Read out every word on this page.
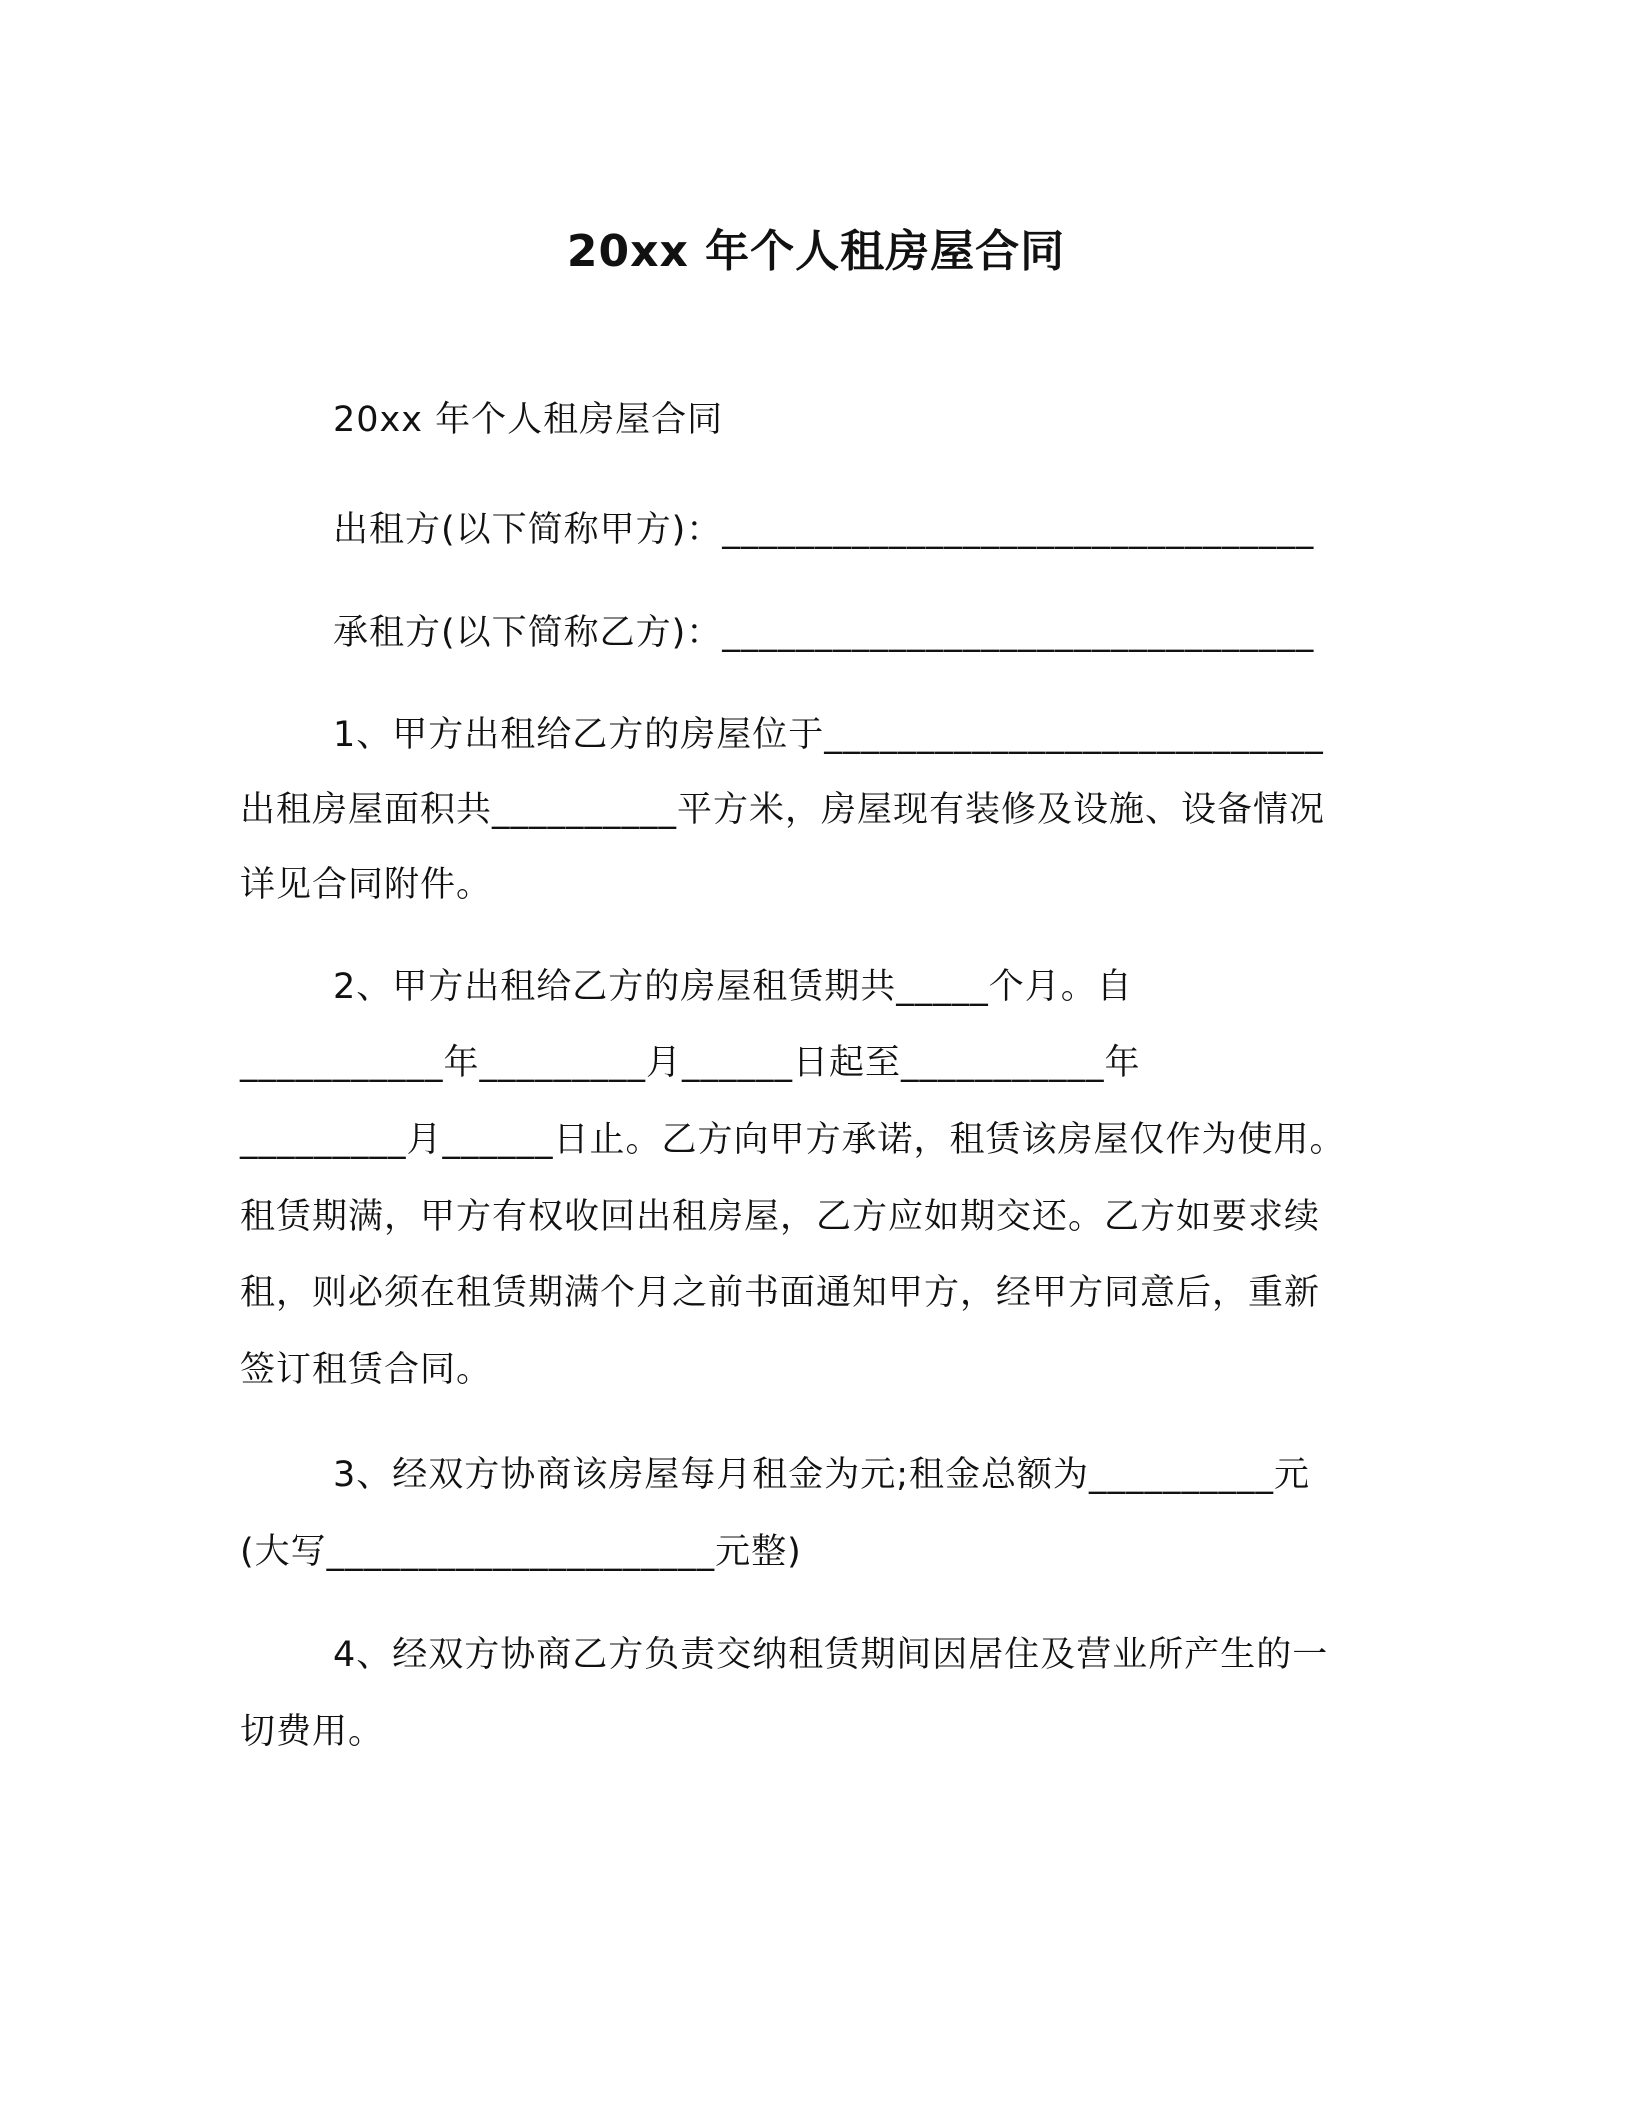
20xx 年个人租房屋合同
20xx 年个人租房屋合同
出租方(以下简称甲方)：________________________________
承租方(以下简称乙方)：________________________________
1、甲方出租给乙方的房屋位于___________________________
出租房屋面积共__________平方米，房屋现有装修及设施、设备情况
详见合同附件。
2、甲方出租给乙方的房屋租赁期共_____个月。自
___________年_________月______日起至___________年
_________月______日止。乙方向甲方承诺，租赁该房屋仅作为使用。
租赁期满，甲方有权收回出租房屋，乙方应如期交还。乙方如要求续
租，则必须在租赁期满个月之前书面通知甲方，经甲方同意后，重新
签订租赁合同。
3、经双方协商该房屋每月租金为元;租金总额为__________元
(大写_____________________元整)
4、经双方协商乙方负责交纳租赁期间因居住及营业所产生的一
切费用。
